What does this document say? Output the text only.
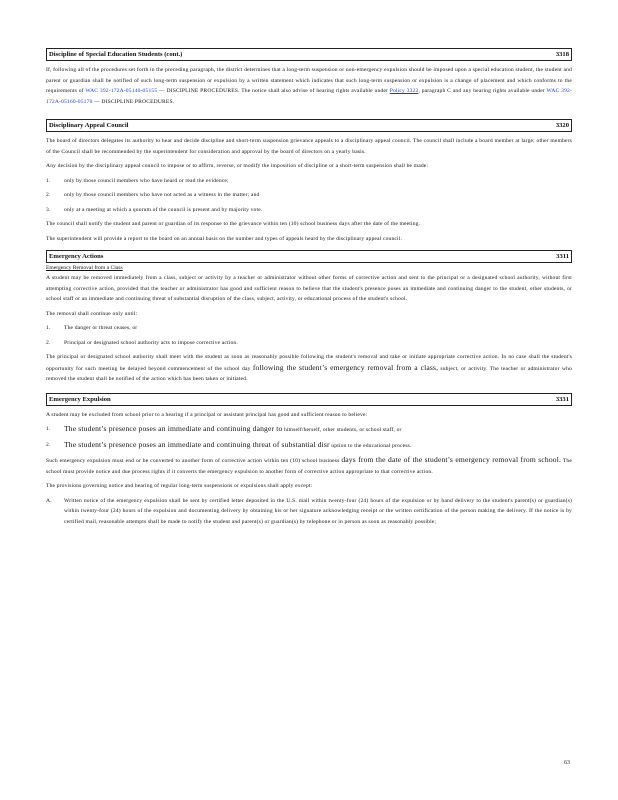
Discipline of Special Education Students (cont.)	3318

If, following all of the procedures set forth in the preceding paragraph, the district determines that a long-term suspension or non-emergency expulsion should be imposed upon a special education student, the student and parent or guardian shall be notified of such long-term suspension or expulsion by a written statement which indicates that such long-term suspension or expulsion is a change of placement and which conforms to the requirements of WAC 392-172A-05140-05155 — DISCIPLINE PROCEDURES. The notice shall also advise of hearing rights available under Policy 3322, paragraph C and any hearing rights available under WAC 392-172A-05160-05170 — DISCIPLINE PROCEDURES.

Disciplinary Appeal Council	3320

The board of directors delegates its authority to hear and decide discipline and short-term suspension grievance appeals to a disciplinary appeal council. The council shall include a board member at large; other members of the Council shall be recommended by the superintendent for consideration and approval by the board of directors on a yearly basis.

Any decision by the disciplinary appeal council to impose or to affirm, reverse, or modify the imposition of discipline or a short-term suspension shall be made:

1.	only by those council members who have heard or read the evidence;

2.	only by those council members who have not acted as a witness in the matter; and

3.	only at a meeting at which a quorum of the council is present and by majority vote.

The council shall notify the student and parent or guardian of its response to the grievance within ten (10) school business days after the date of the meeting.

The superintendent will provide a report to the board on an annual basis on the number and types of appeals heard by the disciplinary appeal council.

Emergency Actions	3311
Emergency Removal from a Class

A student may be removed immediately from a class, subject or activity by a teacher or administrator without other forms of corrective action and sent to the principal or a designated school authority, without first attempting corrective action, provided that the teacher or administrator has good and sufficient reason to believe that the student's presence poses an immediate and continuing danger to the student, other students, or school staff or an immediate and continuing threat of substantial disruption of the class, subject, activity, or educational process of the student's school.

The removal shall continue only until:

1.	The danger or threat ceases, or

2.	Principal or designated school authority acts to impose corrective action.

The principal or designated school authority shall meet with the student as soon as reasonably possible following the student's removal and take or initiate appropriate corrective action. In no case shall the student's opportunity for such meeting be delayed beyond commencement of the school day following the student’s emergency removal from a class, subject, or activity. The teacher or administrator who removed the student shall be notified of the action which has been taken or initiated.

Emergency Expulsion	3331

A student may be excluded from school prior to a hearing if a principal or assistant principal has good and sufficient reason to believe:

1.	The student’s presence poses an immediate and continuing danger to himself/herself, other students, or school staff, or

2.	The student’s presence poses an immediate and continuing threat of substantial disr uption to the educational process.

Such emergency expulsion must end or be converted to another form of corrective action within ten (10) school business days from the date of the student’s emergency removal from school. The school must provide notice and due process rights if it converts the emergency expulsion to another form of corrective action appropriate to that corrective action.

The provisions governing notice and hearing of regular long-term suspensions or expulsions shall apply except:

A.	Written notice of the emergency expulsion shall be sent by certified letter deposited in the U.S. mail within twenty-four (24) hours of the expulsion or by hand delivery to the student's parent(s) or guardian(s) within twenty-four (24) hours of the expulsion and documenting delivery by obtaining his or her signature acknowledging receipt or the written certification of the person making the delivery. If the notice is by certified mail, reasonable attempts shall be made to notify the student and parent(s) or guardian(s) by telephone or in person as soon as reasonably possible;

63
